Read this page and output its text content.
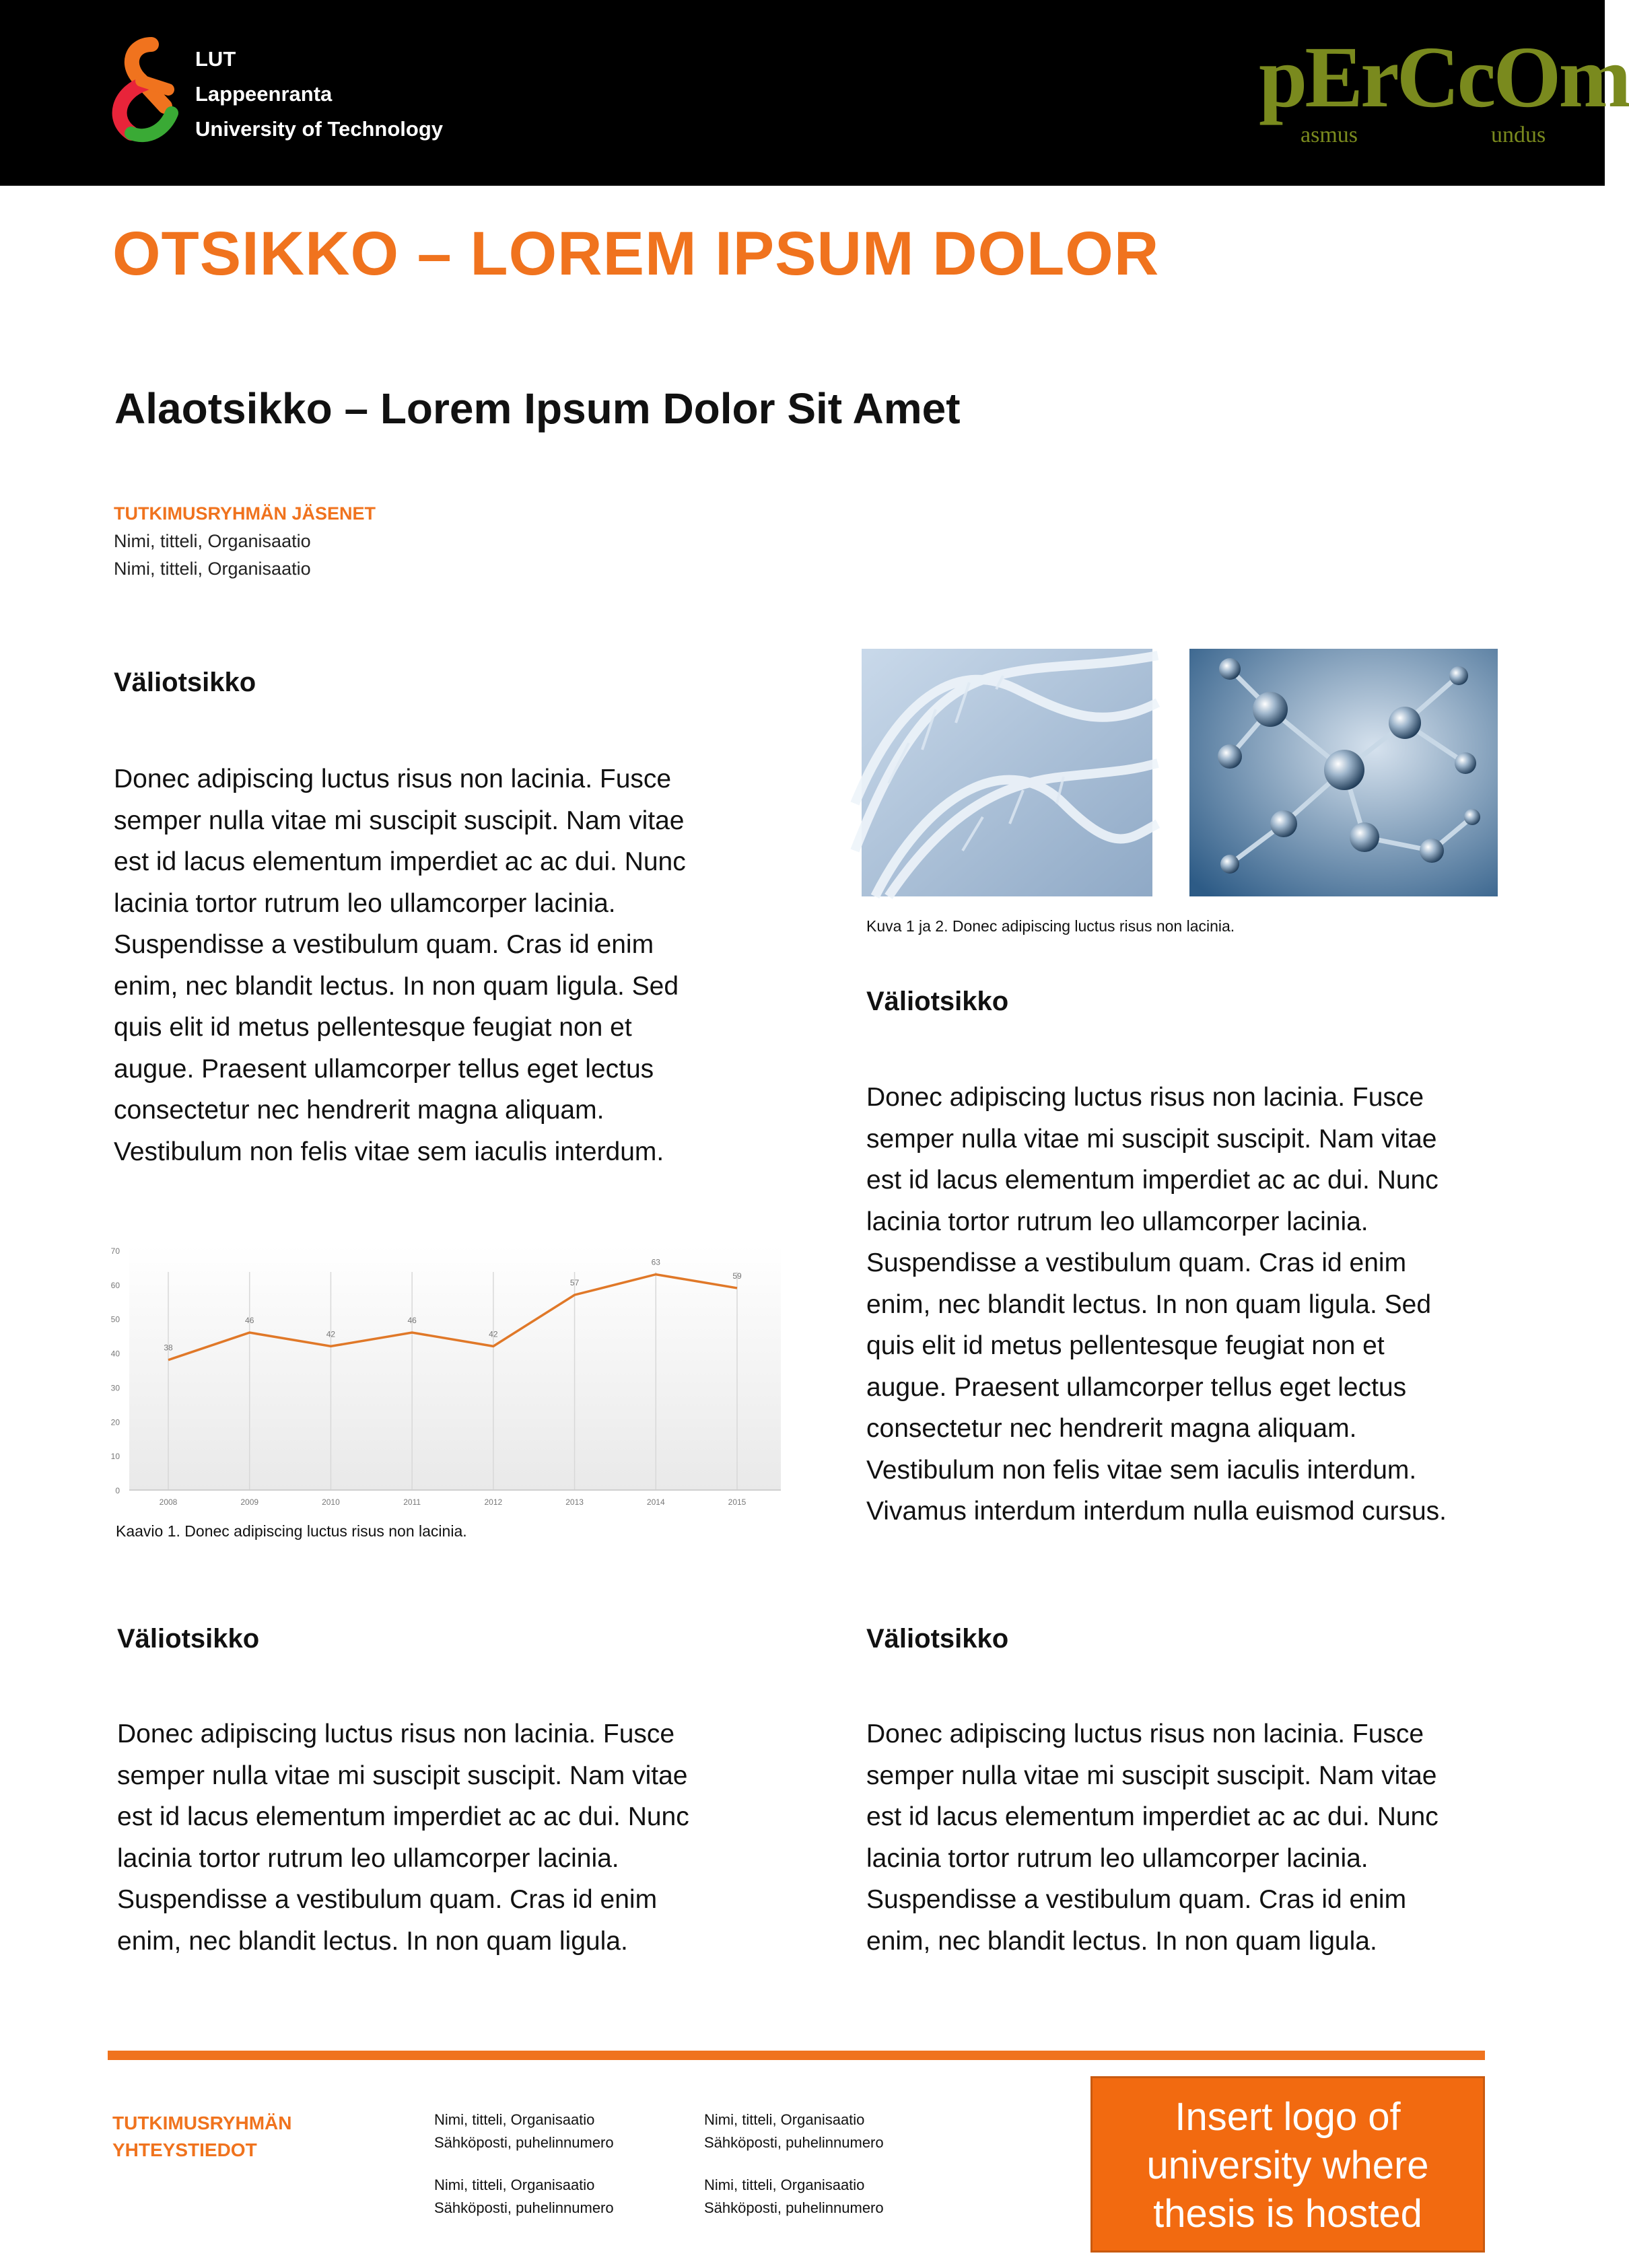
LUT
Lappeenranta
University of Technology
pErCcOm
asmus	undus
OTSIKKO – LOREM IPSUM DOLOR
Alaotsikko – Lorem Ipsum Dolor Sit Amet
TUTKIMUSRYHMÄN JÄSENET
Nimi, titteli, Organisaatio
Nimi, titteli, Organisaatio
Väliotsikko
Donec adipiscing luctus risus non lacinia. Fusce
semper nulla vitae mi suscipit suscipit. Nam vitae
est id lacus elementum imperdiet ac ac dui. Nunc
lacinia tortor rutrum leo ullamcorper lacinia.
Suspendisse a vestibulum quam. Cras id enim
enim, nec blandit lectus. In non quam ligula. Sed
quis elit id metus pellentesque feugiat non et
augue. Praesent ullamcorper tellus eget lectus
consectetur nec hendrerit magna aliquam.
Vestibulum non felis vitae sem iaculis interdum.
Kuva 1 ja 2. Donec adipiscing luctus risus non lacinia.
Väliotsikko
Donec adipiscing luctus risus non lacinia. Fusce
semper nulla vitae mi suscipit suscipit. Nam vitae
est id lacus elementum imperdiet ac ac dui. Nunc
lacinia tortor rutrum leo ullamcorper lacinia.
Suspendisse a vestibulum quam. Cras id enim
enim, nec blandit lectus. In non quam ligula. Sed
quis elit id metus pellentesque feugiat non et
augue. Praesent ullamcorper tellus eget lectus
consectetur nec hendrerit magna aliquam.
Vestibulum non felis vitae sem iaculis interdum.
Vivamus interdum interdum nulla euismod cursus.
0
10
20
30
40
50
60
70
2008	2009	2010	2011	2012	2013	2014	2015
38
46
42
46
42
57
63
59
Kaavio 1. Donec adipiscing luctus risus non lacinia.
Väliotsikko
Donec adipiscing luctus risus non lacinia. Fusce
semper nulla vitae mi suscipit suscipit. Nam vitae
est id lacus elementum imperdiet ac ac dui. Nunc
lacinia tortor rutrum leo ullamcorper lacinia.
Suspendisse a vestibulum quam. Cras id enim
enim, nec blandit lectus. In non quam ligula.
Väliotsikko
Donec adipiscing luctus risus non lacinia. Fusce
semper nulla vitae mi suscipit suscipit. Nam vitae
est id lacus elementum imperdiet ac ac dui. Nunc
lacinia tortor rutrum leo ullamcorper lacinia.
Suspendisse a vestibulum quam. Cras id enim
enim, nec blandit lectus. In non quam ligula.
TUTKIMUSRYHMÄN
YHTEYSTIEDOT
Nimi, titteli, Organisaatio
Sähköposti, puhelinnumero
Nimi, titteli, Organisaatio
Sähköposti, puhelinnumero
Nimi, titteli, Organisaatio
Sähköposti, puhelinnumero
Nimi, titteli, Organisaatio
Sähköposti, puhelinnumero
Insert logo of
university where
thesis is hosted
